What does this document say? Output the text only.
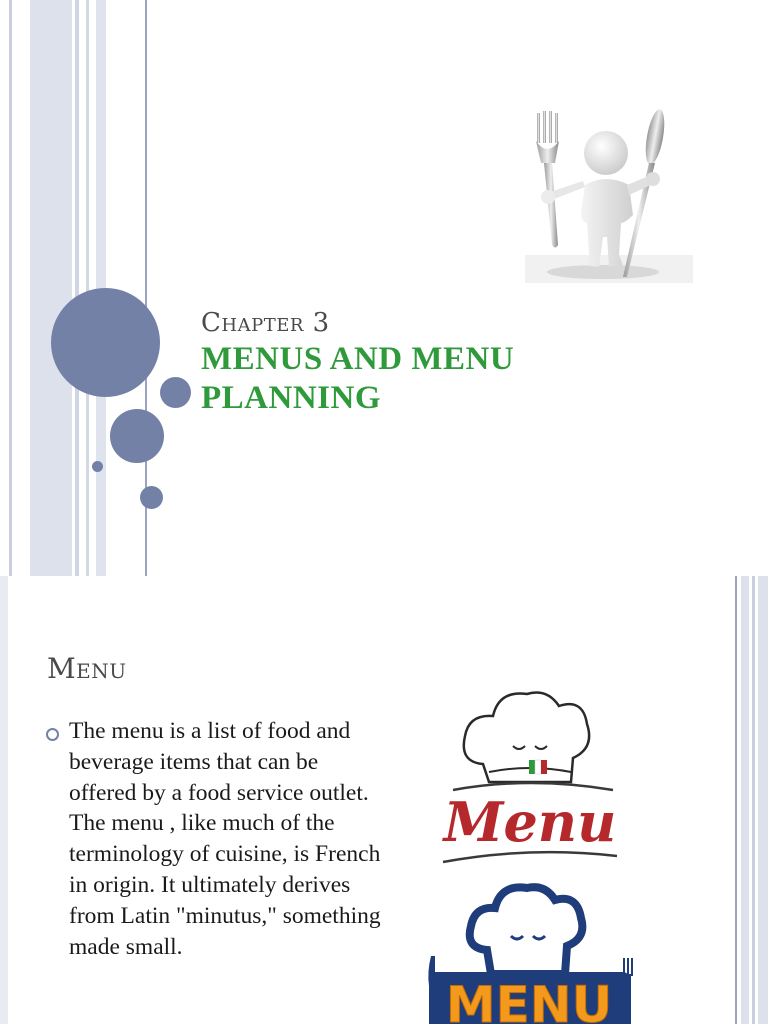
Chapter 3
MENUS AND MENU PLANNING
Menu
The menu is a list of food and beverage items that can be offered by a food service outlet. The menu , like much of the terminology of cuisine, is French in origin. It ultimately derives from Latin "minutus," something made small.
Menu
MENU
